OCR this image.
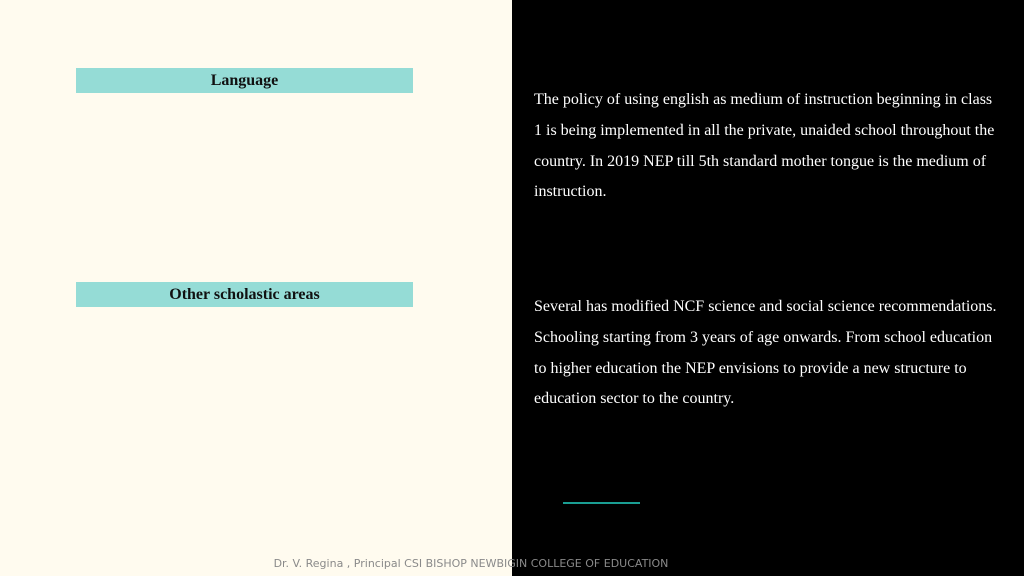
Language
Other scholastic areas

The policy of using english as medium of instruction beginning in class 1 is being implemented in all the private, unaided school throughout the country. In 2019 NEP till 5th standard mother tongue is the medium of instruction.

Several has modified NCF science and social science recommendations. Schooling starting from 3 years of age onwards. From school education to higher education the NEP envisions to provide a new structure to education sector to the country.

Dr. V. Regina , Principal CSI BISHOP NEWBIGIN COLLEGE OF EDUCATION
